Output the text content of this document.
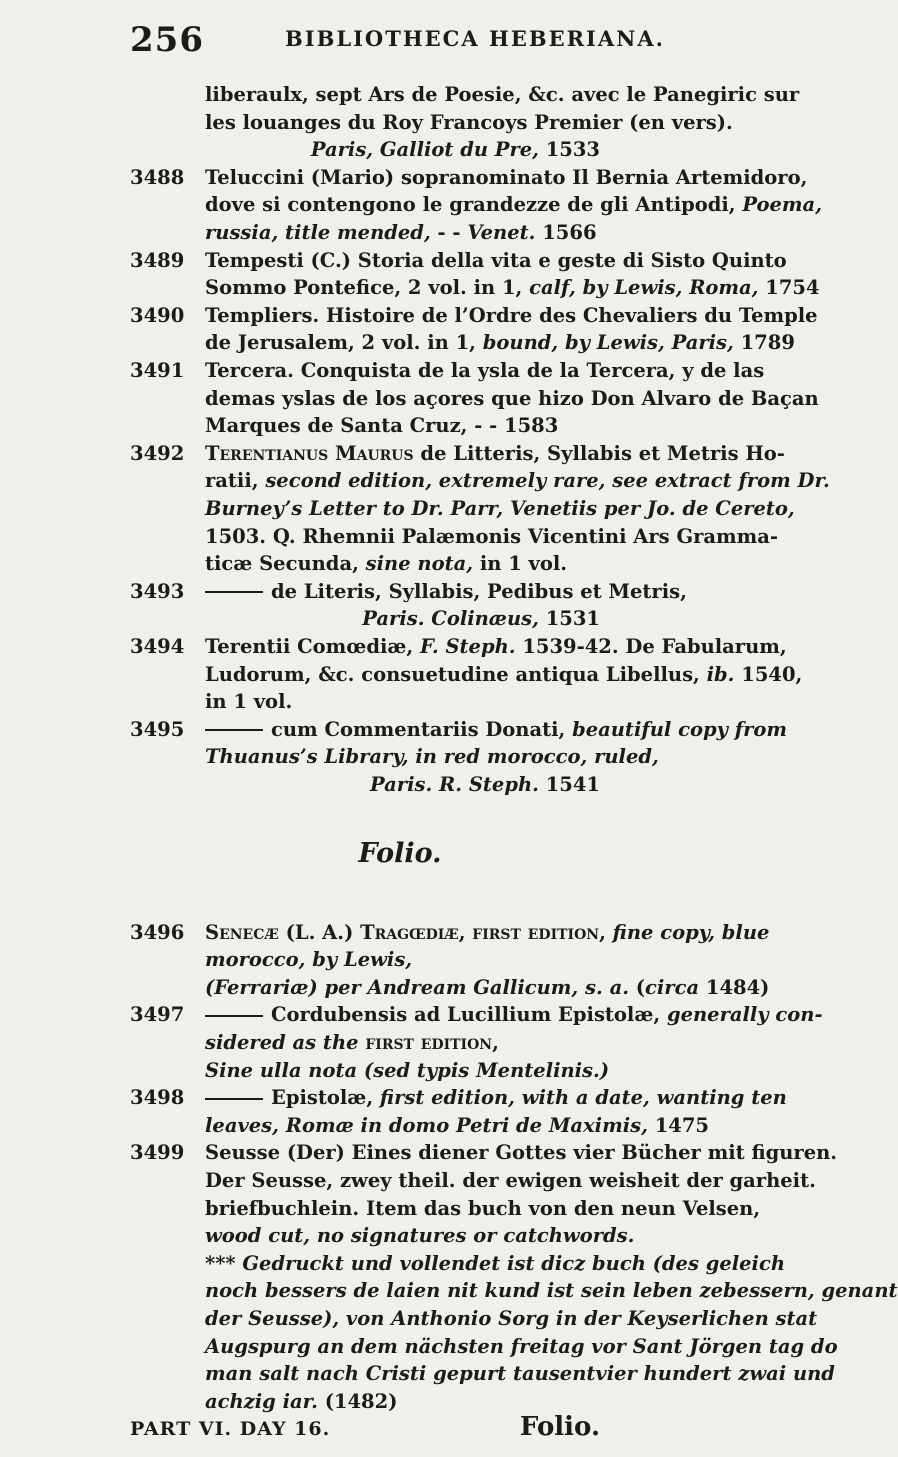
256	BIBLIOTHECA HEBERIANA.
liberaulx, sept Ars de Poesie, &c. avec le Panegiric sur
les louanges du Roy Francoys Premier (en vers).
Paris, Galliot du Pre, 1533
3488 Teluccini (Mario) sopranominato Il Bernia Artemidoro,
dove si contengono le grandezze de gli Antipodi, Poema,
russia, title mended, - - Venet. 1566
3489 Tempesti (C.) Storia della vita e geste di Sisto Quinto
Sommo Pontefice, 2 vol. in 1, calf, by Lewis, Roma, 1754
3490 Templiers. Histoire de l’Ordre des Chevaliers du Temple
de Jerusalem, 2 vol. in 1, bound, by Lewis, Paris, 1789
3491 Tercera. Conquista de la ysla de la Tercera, y de las
demas yslas de los açores que hizo Don Alvaro de Baçan
Marques de Santa Cruz, - - 1583
3492 Terentianus Maurus de Litteris, Syllabis et Metris Ho-
ratii, second edition, extremely rare, see extract from Dr.
Burney’s Letter to Dr. Parr, Venetiis per Jo. de Cereto,
1503. Q. Rhemnii Palæmonis Vicentini Ars Gramma-
ticæ Secunda, sine nota, in 1 vol.
3493	de Literis, Syllabis, Pedibus et Metris,
Paris. Colinæus, 1531
3494 Terentii Comœdiæ, F. Steph. 1539-42. De Fabularum,
Ludorum, &c. consuetudine antiqua Libellus, ib. 1540,
in 1 vol.
3495	cum Commentariis Donati, beautiful copy from
Thuanus’s Library, in red morocco, ruled,
Paris. R. Steph. 1541
3496 Senecæ (L. A.) Tragœdiæ, first edition, fine copy, blue
morocco, by Lewis,
(Ferrariæ) per Andream Gallicum, s. a. (circa 1484)
3497	Cordubensis ad Lucillium Epistolæ, generally con-
sidered as the first edition,
Sine ulla nota (sed typis Mentelinis.)
3498	Epistolæ, first edition, with a date, wanting ten
leaves, Romæ in domo Petri de Maximis, 1475
3499 Seusse (Der) Eines diener Gottes vier Bücher mit figuren.
Der Seusse, zwey theil. der ewigen weisheit der garheit.
briefbuchlein. Item das buch von den neun Velsen,
wood cut, no signatures or catchwords.
*** Gedruckt und vollendet ist dicz buch (des geleich
noch bessers de laien nit kund ist sein leben zebessern, genant
der Seusse), von Anthonio Sorg in der Keyserlichen stat
Augspurg an dem nächsten freitag vor Sant Jörgen tag do
man salt nach Cristi gepurt tausentvier hundert zwai und
achzig iar. (1482)
Folio.
PART VI. DAY 16.	Folio.
